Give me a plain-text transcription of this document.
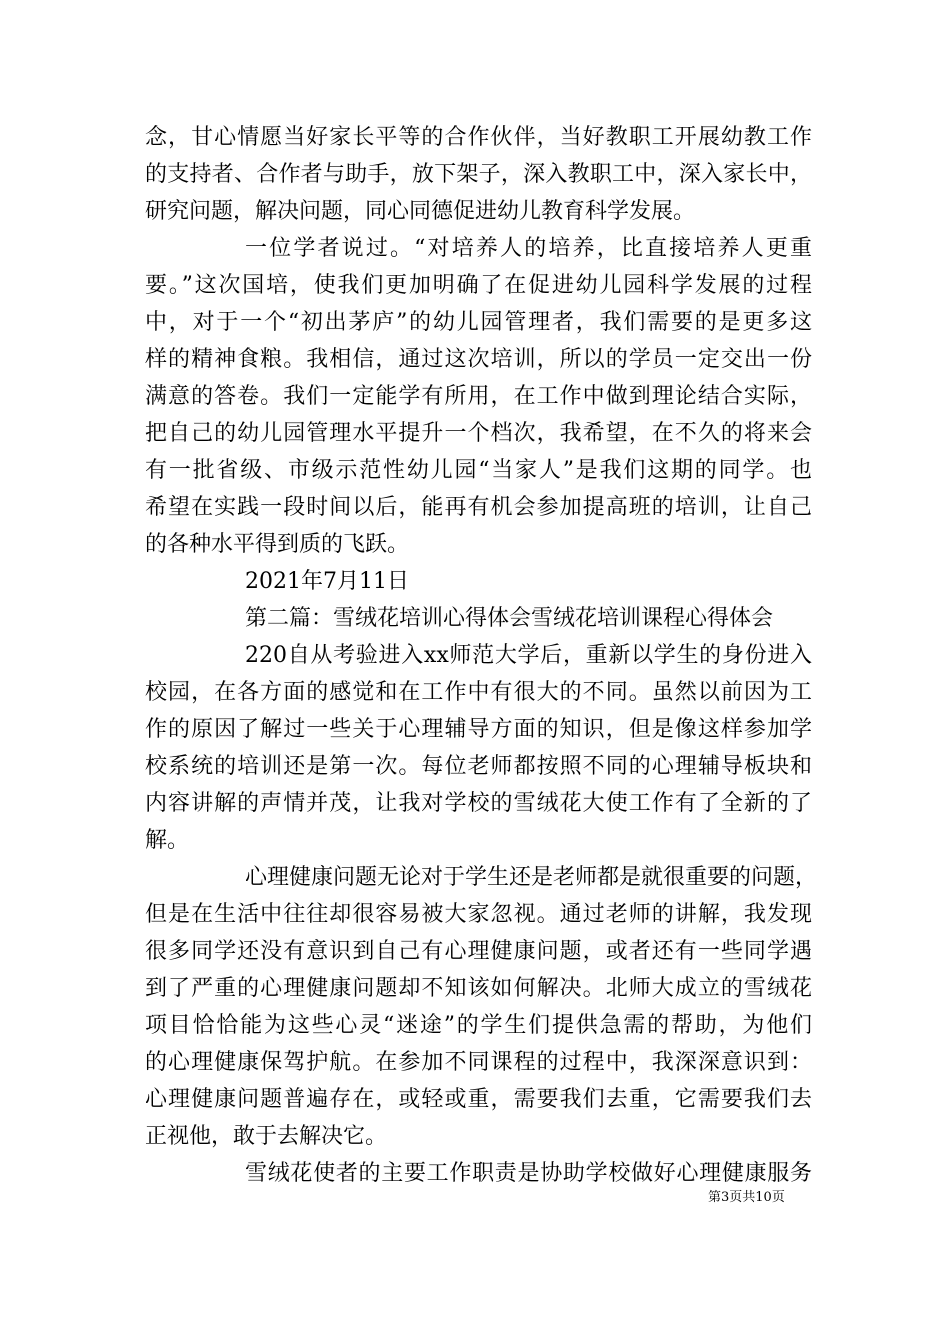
念，甘心情愿当好家长平等的合作伙伴，当好教职工开展幼教工作
的支持者、合作者与助手，放下架子，深入教职工中，深入家长中，
研究问题，解决问题，同心同德促进幼儿教育科学发展。
一位学者说过。“对培养人的培养，比直接培养人更重
要。”这次国培，使我们更加明确了在促进幼儿园科学发展的过程
中，对于一个“初出茅庐”的幼儿园管理者，我们需要的是更多这
样的精神食粮。我相信，通过这次培训，所以的学员一定交出一份
满意的答卷。我们一定能学有所用，在工作中做到理论结合实际，
把自己的幼儿园管理水平提升一个档次，我希望，在不久的将来会
有一批省级、市级示范性幼儿园“当家人”是我们这期的同学。也
希望在实践一段时间以后，能再有机会参加提高班的培训，让自己
的各种水平得到质的飞跃。
2021年7月11日
第二篇：雪绒花培训心得体会雪绒花培训课程心得体会
220自从考验进入xx师范大学后，重新以学生的身份进入
校园，在各方面的感觉和在工作中有很大的不同。虽然以前因为工
作的原因了解过一些关于心理辅导方面的知识，但是像这样参加学
校系统的培训还是第一次。每位老师都按照不同的心理辅导板块和
内容讲解的声情并茂，让我对学校的雪绒花大使工作有了全新的了
解。
心理健康问题无论对于学生还是老师都是就很重要的问题，
但是在生活中往往却很容易被大家忽视。通过老师的讲解，我发现
很多同学还没有意识到自己有心理健康问题，或者还有一些同学遇
到了严重的心理健康问题却不知该如何解决。北师大成立的雪绒花
项目恰恰能为这些心灵“迷途”的学生们提供急需的帮助，为他们
的心理健康保驾护航。在参加不同课程的过程中，我深深意识到：
心理健康问题普遍存在，或轻或重，需要我们去重，它需要我们去
正视他，敢于去解决它。
雪绒花使者的主要工作职责是协助学校做好心理健康服务
第3页共10页
